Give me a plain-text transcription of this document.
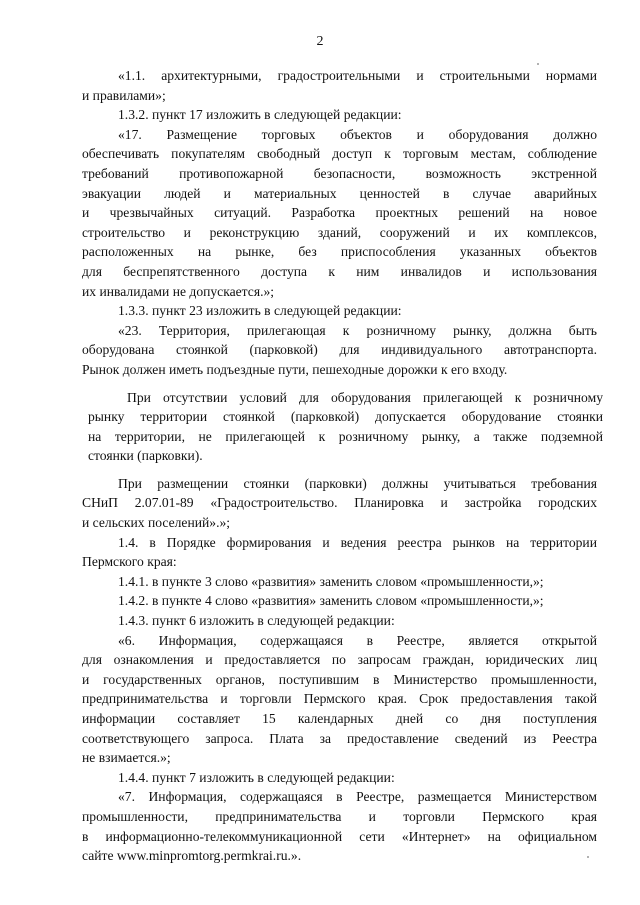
2
«1.1. архитектурными, градостроительными и строительными нормами
и правилами»;
1.3.2. пункт 17 изложить в следующей редакции:
«17. Размещение торговых объектов и оборудования должно
обеспечивать покупателям свободный доступ к торговым местам, соблюдение
требований противопожарной безопасности, возможность экстренной
эвакуации людей и материальных ценностей в случае аварийных
и чрезвычайных ситуаций. Разработка проектных решений на новое
строительство и реконструкцию зданий, сооружений и их комплексов,
расположенных на рынке, без приспособления указанных объектов
для беспрепятственного доступа к ним инвалидов и использования
их инвалидами не допускается.»;
1.3.3. пункт 23 изложить в следующей редакции:
«23. Территория, прилегающая к розничному рынку, должна быть
оборудована стоянкой (парковкой) для индивидуального автотранспорта.
Рынок должен иметь подъездные пути, пешеходные дорожки к его входу.
При отсутствии условий для оборудования прилегающей к розничному
рынку территории стоянкой (парковкой) допускается оборудование стоянки
на территории, не прилегающей к розничному рынку, а также подземной
стоянки (парковки).
При размещении стоянки (парковки) должны учитываться требования
СНиП 2.07.01-89 «Градостроительство. Планировка и застройка городских
и сельских поселений».»;
1.4. в Порядке формирования и ведения реестра рынков на территории
Пермского края:
1.4.1. в пункте 3 слово «развития» заменить словом «промышленности,»;
1.4.2. в пункте 4 слово «развития» заменить словом «промышленности,»;
1.4.3. пункт 6 изложить в следующей редакции:
«6. Информация, содержащаяся в Реестре, является открытой
для ознакомления и предоставляется по запросам граждан, юридических лиц
и государственных органов, поступившим в Министерство промышленности,
предпринимательства и торговли Пермского края. Срок предоставления такой
информации составляет 15 календарных дней со дня поступления
соответствующего запроса. Плата за предоставление сведений из Реестра
не взимается.»;
1.4.4. пункт 7 изложить в следующей редакции:
«7. Информация, содержащаяся в Реестре, размещается Министерством
промышленности, предпринимательства и торговли Пермского края
в информационно-телекоммуникационной сети «Интернет» на официальном
сайте www.minpromtorg.permkrai.ru.».
